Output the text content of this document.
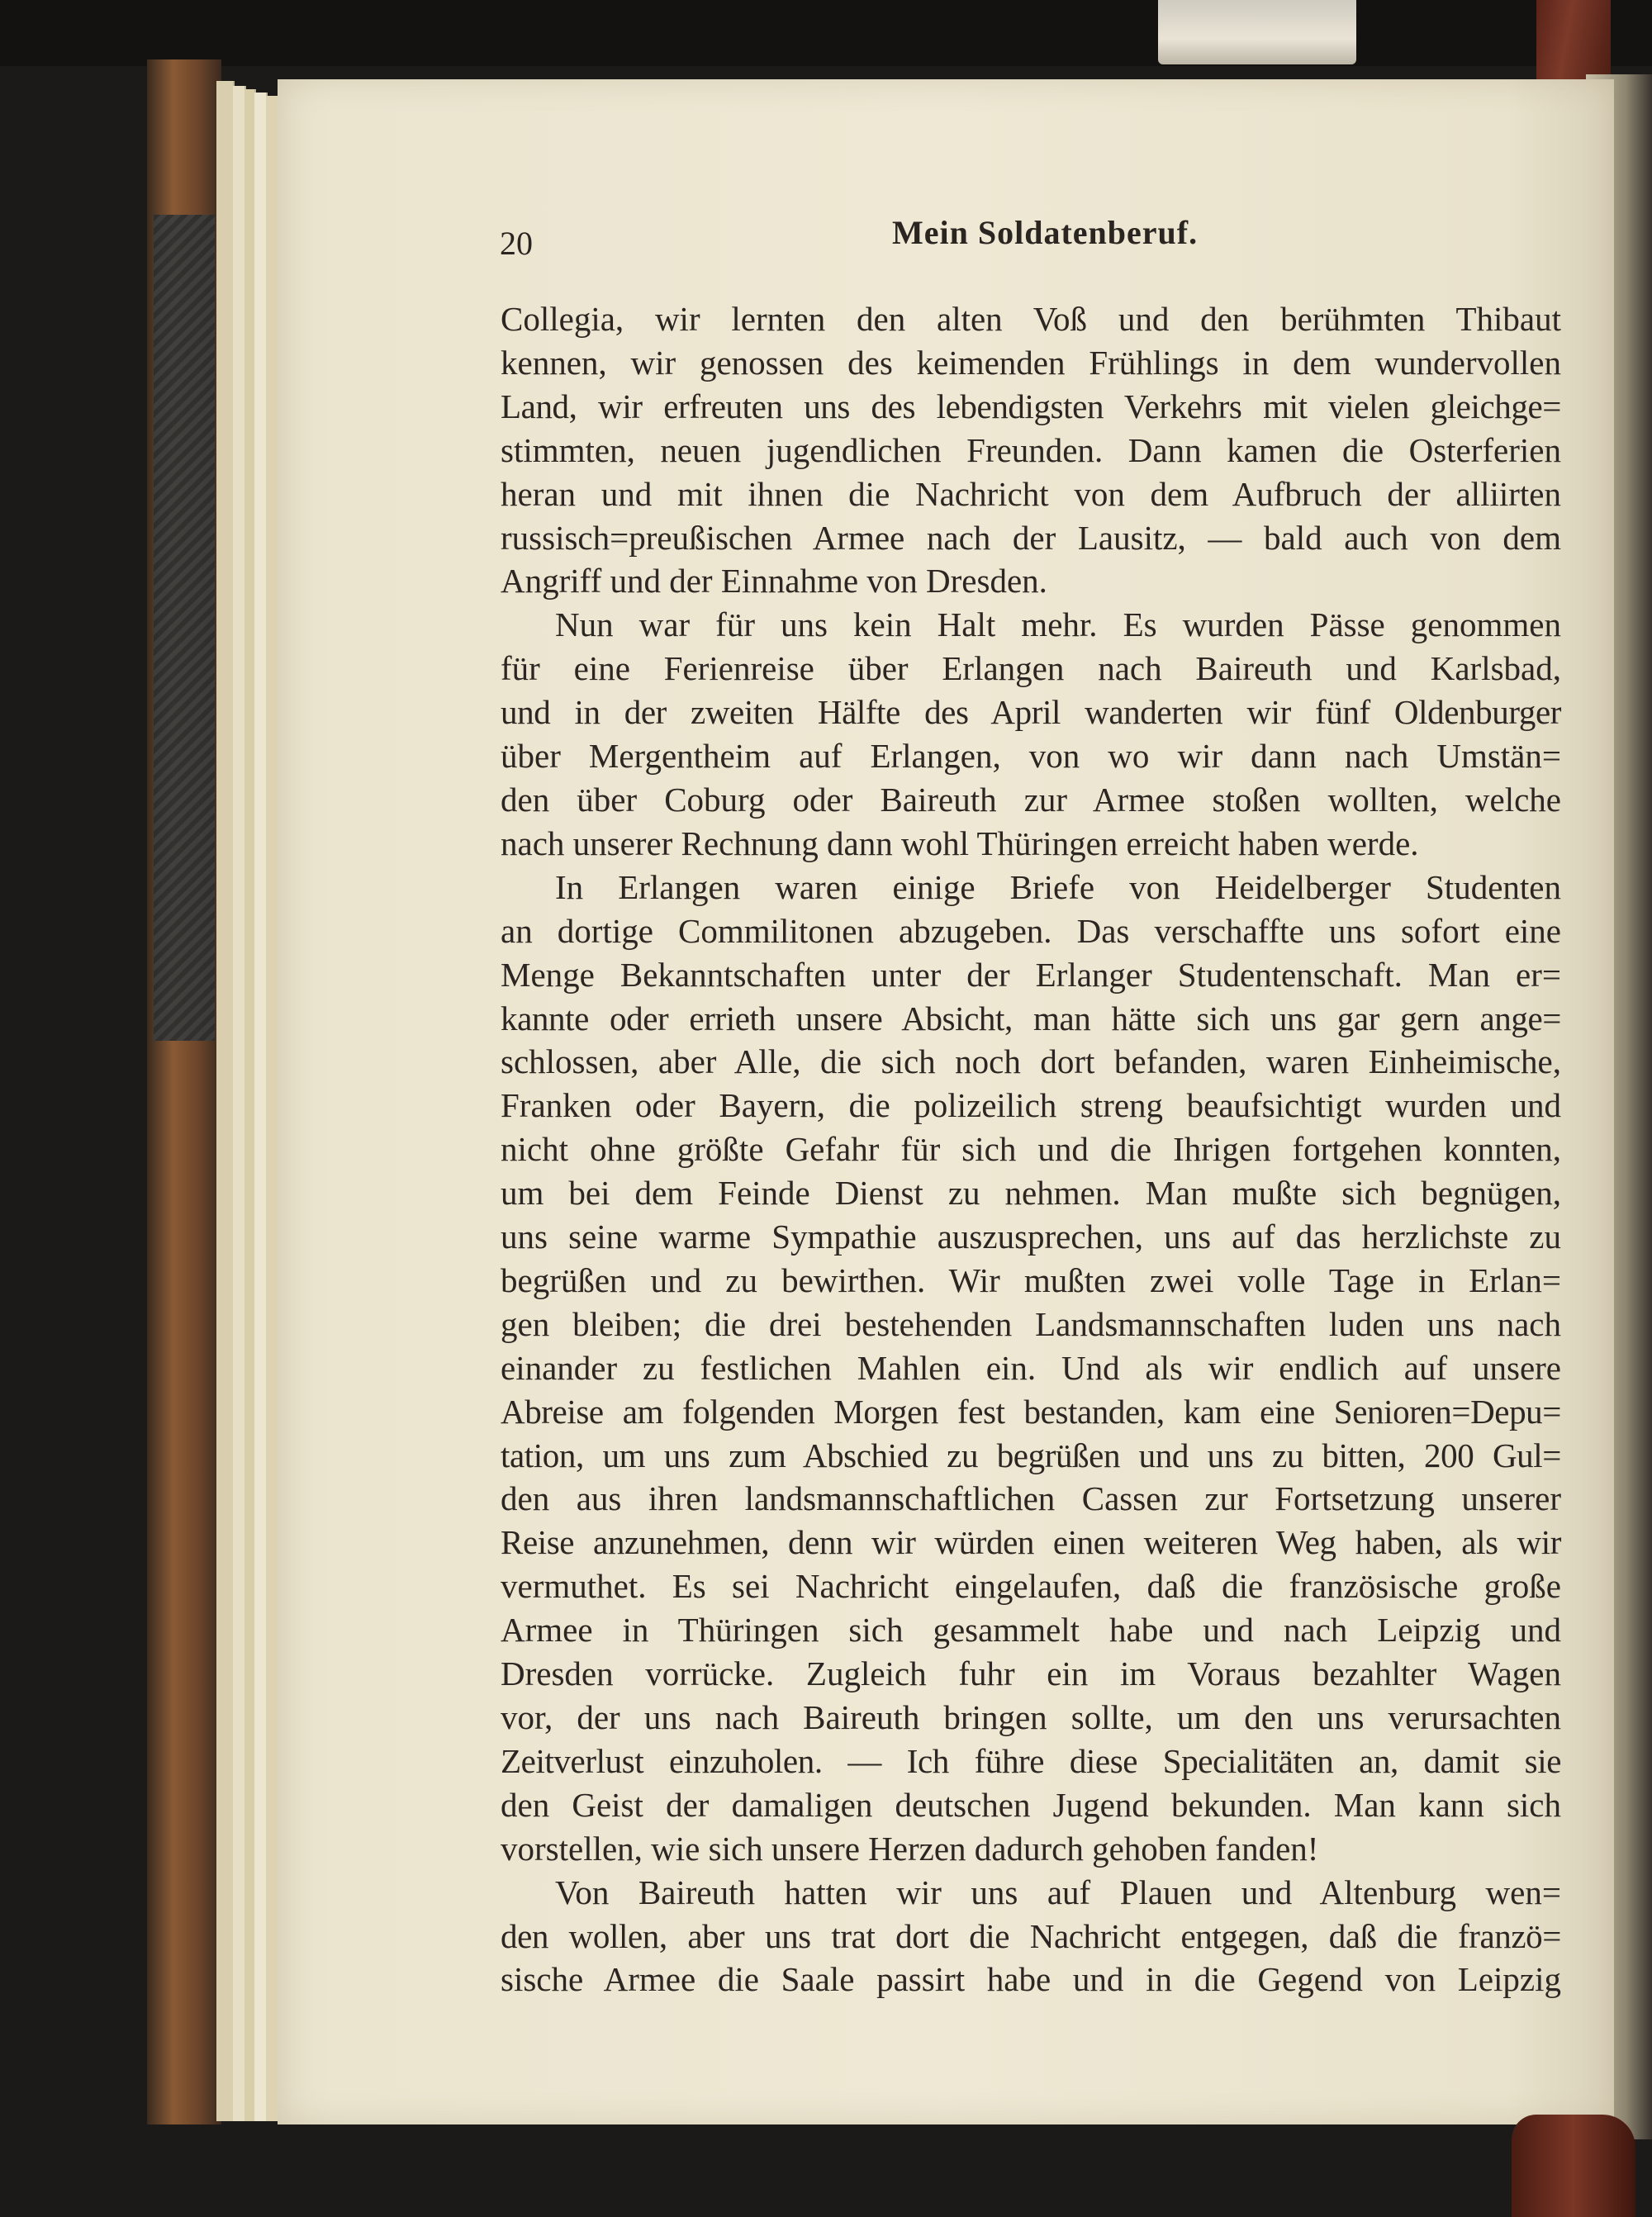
20	Mein Soldatenberuf.
Collegia, wir lernten den alten Voß und den berühmten Thibaut
kennen, wir genossen des keimenden Frühlings in dem wundervollen
Land, wir erfreuten uns des lebendigsten Verkehrs mit vielen gleichge=
stimmten, neuen jugendlichen Freunden. Dann kamen die Osterferien
heran und mit ihnen die Nachricht von dem Aufbruch der alliirten
russisch=preußischen Armee nach der Lausitz, — bald auch von dem
Angriff und der Einnahme von Dresden.
Nun war für uns kein Halt mehr. Es wurden Pässe genommen
für eine Ferienreise über Erlangen nach Baireuth und Karlsbad,
und in der zweiten Hälfte des April wanderten wir fünf Oldenburger
über Mergentheim auf Erlangen, von wo wir dann nach Umstän=
den über Coburg oder Baireuth zur Armee stoßen wollten, welche
nach unserer Rechnung dann wohl Thüringen erreicht haben werde.
In Erlangen waren einige Briefe von Heidelberger Studenten
an dortige Commilitonen abzugeben. Das verschaffte uns sofort eine
Menge Bekanntschaften unter der Erlanger Studentenschaft. Man er=
kannte oder errieth unsere Absicht, man hätte sich uns gar gern ange=
schlossen, aber Alle, die sich noch dort befanden, waren Einheimische,
Franken oder Bayern, die polizeilich streng beaufsichtigt wurden und
nicht ohne größte Gefahr für sich und die Ihrigen fortgehen konnten,
um bei dem Feinde Dienst zu nehmen. Man mußte sich begnügen,
uns seine warme Sympathie auszusprechen, uns auf das herzlichste zu
begrüßen und zu bewirthen. Wir mußten zwei volle Tage in Erlan=
gen bleiben; die drei bestehenden Landsmannschaften luden uns nach
einander zu festlichen Mahlen ein. Und als wir endlich auf unsere
Abreise am folgenden Morgen fest bestanden, kam eine Senioren=Depu=
tation, um uns zum Abschied zu begrüßen und uns zu bitten, 200 Gul=
den aus ihren landsmannschaftlichen Cassen zur Fortsetzung unserer
Reise anzunehmen, denn wir würden einen weiteren Weg haben, als wir
vermuthet. Es sei Nachricht eingelaufen, daß die französische große
Armee in Thüringen sich gesammelt habe und nach Leipzig und
Dresden vorrücke. Zugleich fuhr ein im Voraus bezahlter Wagen
vor, der uns nach Baireuth bringen sollte, um den uns verursachten
Zeitverlust einzuholen. — Ich führe diese Specialitäten an, damit sie
den Geist der damaligen deutschen Jugend bekunden. Man kann sich
vorstellen, wie sich unsere Herzen dadurch gehoben fanden!
Von Baireuth hatten wir uns auf Plauen und Altenburg wen=
den wollen, aber uns trat dort die Nachricht entgegen, daß die franzö=
sische Armee die Saale passirt habe und in die Gegend von Leipzig
